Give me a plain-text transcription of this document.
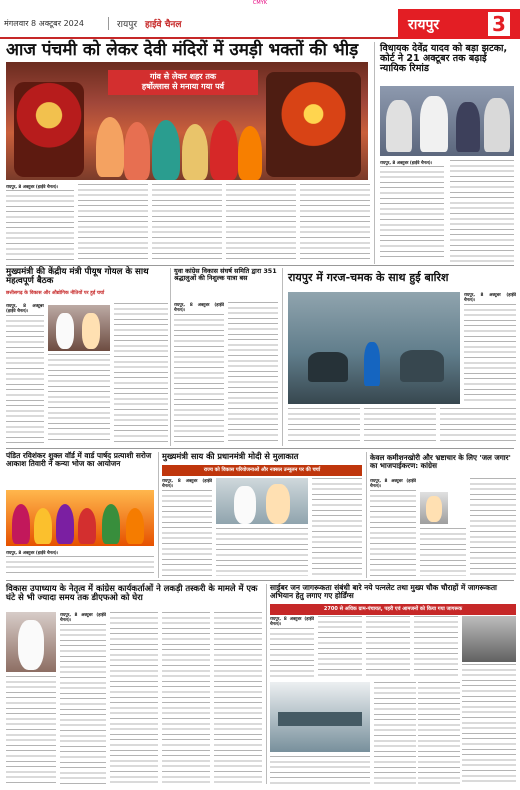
CMYK
मंगलवार 8 अक्टूबर 2024	रायपुर हाईवे चैनल	रायपुर	3
आज पंचमी को लेकर देवी मंदिरों में उमड़ी भक्तों की भीड़
गांव से लेकर शहर तक
हर्षोल्लास से मनाया गया पर्व
रायपुर, 8 अक्टूबर (हाईवे चैनल)।
विधायक देवेंद्र यादव को बड़ा झटका, कोर्ट ने 21 अक्टूबर तक बढ़ाई न्यायिक रिमांड
रायपुर, 8 अक्टूबर (हाईवे चैनल)।
मुख्यमंत्री की केंद्रीय मंत्री पीयूष गोयल के साथ महत्वपूर्ण बैठक
छत्तीसगढ़ के विकास और औद्योगिक नीतियों पर हुई चर्चा
रायपुर, 8 अक्टूबर (हाईवे चैनल)।
युवा कांग्रेस विकास संघर्ष समिति द्वारा 351 श्रद्धालुओं की निशुल्क यात्रा बस
रायपुर, 8 अक्टूबर (हाईवे चैनल)।
रायपुर में गरज-चमक के साथ हुई बारिश
रायपुर, 8 अक्टूबर (हाईवे चैनल)।
पंडित रविशंकर शुक्ल वॉर्ड में वार्ड पार्षद प्रत्याशी सरोज आकाश तिवारी ने कन्या भोज का आयोजन
रायपुर, 8 अक्टूबर (हाईवे चैनल)।
मुख्यमंत्री साय की प्रधानमंत्री मोदी से मुलाकात
राज्य को विकास परियोजनाओं और नक्सल उन्मूलन पर की चर्चा
रायपुर, 8 अक्टूबर (हाईवे चैनल)।
केवल कमीशनखोरी और भ्रष्टाचार के लिए 'जल जगार' का भाजपाईकरण: कांग्रेस
रायपुर, 8 अक्टूबर (हाईवे चैनल)।
विकास उपाध्याय के नेतृत्व में कांग्रेस कार्यकर्ताओं ने लकड़ी तस्करी के मामले में एक घंटे से भी ज्यादा समय तक डीएफओ को घेरा
रायपुर, 8 अक्टूबर (हाईवे चैनल)।
साईबर जन जागरूकता संबंधी बारे नये पत्नलेट तथा मुख्य चौक चौराहों में जागरूकता अभियान हेतु लगाए गए होर्डिंग्स
2700 से अधिक ग्राम-पंचायत, पहरी एवं आमजनों को किया गया जागरूक
रायपुर, 8 अक्टूबर (हाईवे चैनल)।
